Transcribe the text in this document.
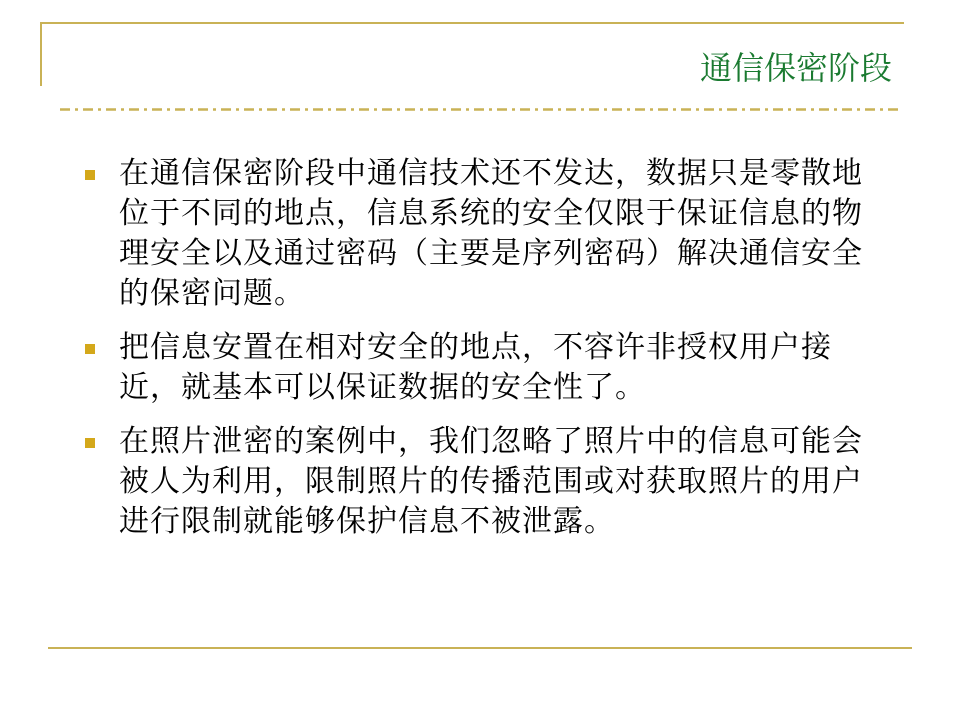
通信保密阶段
在通信保密阶段中通信技术还不发达，数据只是零散地位于不同的地点，信息系统的安全仅限于保证信息的物理安全以及通过密码（主要是序列密码）解决通信安全的保密问题。
把信息安置在相对安全的地点，不容许非授权用户接近，就基本可以保证数据的安全性了。
在照片泄密的案例中，我们忽略了照片中的信息可能会被人为利用，限制照片的传播范围或对获取照片的用户进行限制就能够保护信息不被泄露。
